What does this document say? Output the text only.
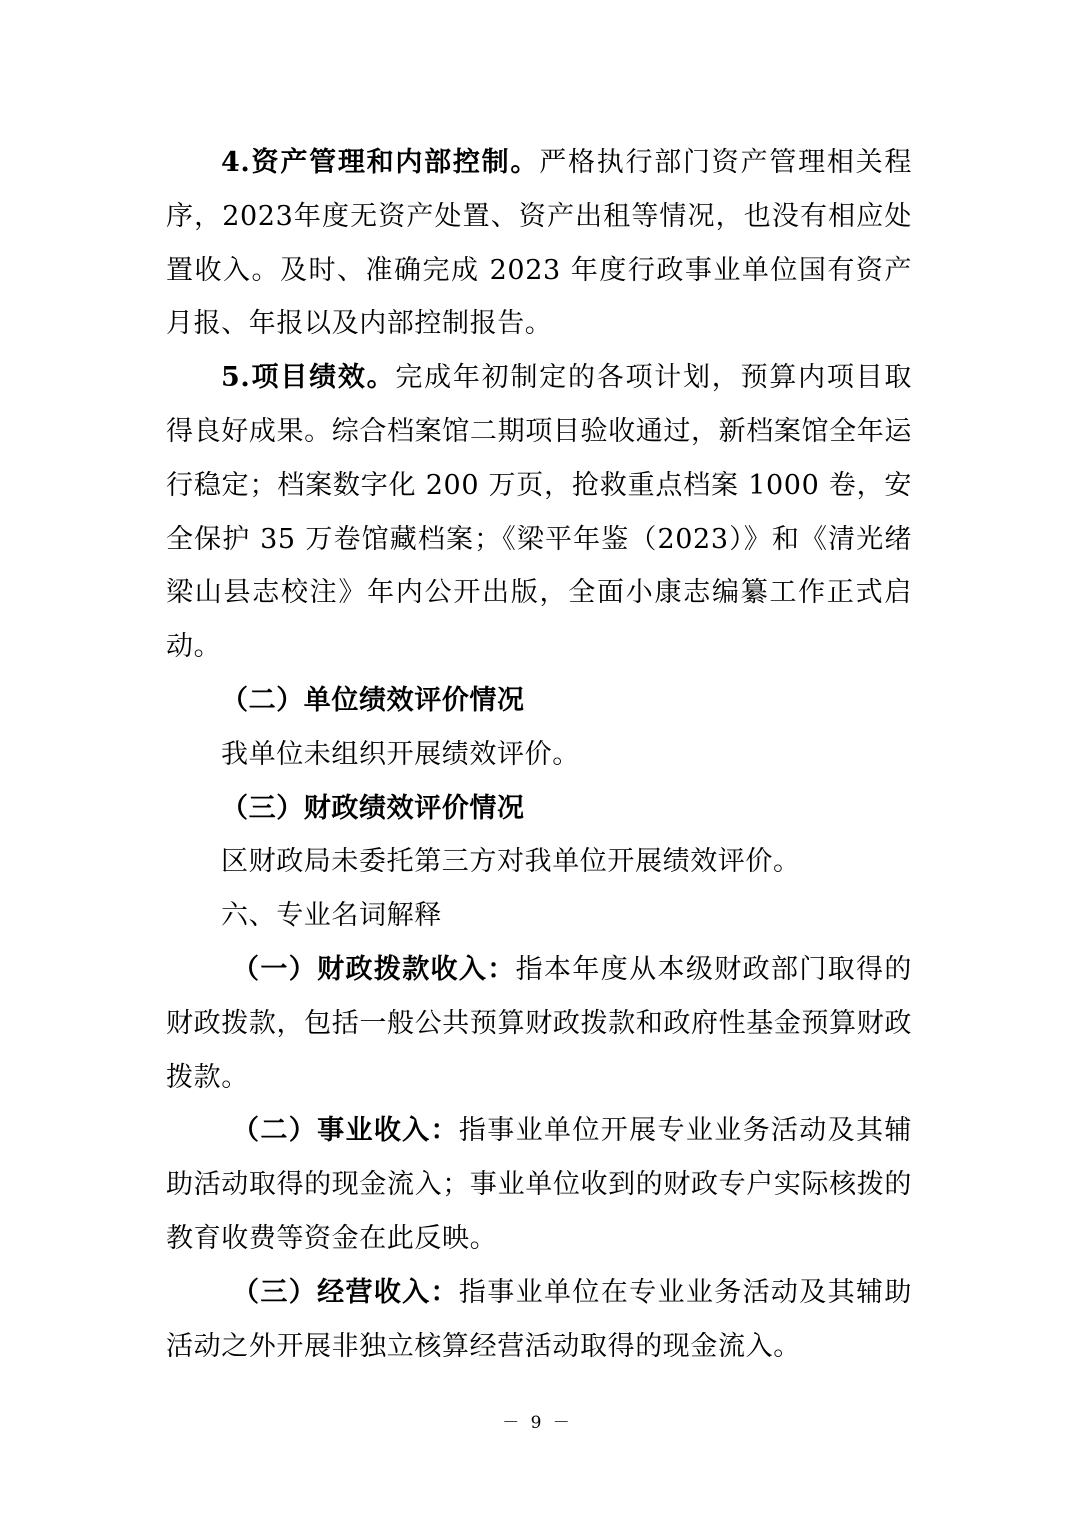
4.资产管理和内部控制。严格执行部门资产管理相关程序，2023年度无资产处置、资产出租等情况，也没有相应处置收入。及时、准确完成 2023 年度行政事业单位国有资产月报、年报以及内部控制报告。

5.项目绩效。完成年初制定的各项计划，预算内项目取得良好成果。综合档案馆二期项目验收通过，新档案馆全年运行稳定；档案数字化 200 万页，抢救重点档案 1000 卷，安全保护 35 万卷馆藏档案；《梁平年鉴（2023）》和《清光绪梁山县志校注》年内公开出版，全面小康志编纂工作正式启动。

（二）单位绩效评价情况

我单位未组织开展绩效评价。

（三）财政绩效评价情况

区财政局未委托第三方对我单位开展绩效评价。

六、专业名词解释

（一）财政拨款收入：指本年度从本级财政部门取得的财政拨款，包括一般公共预算财政拨款和政府性基金预算财政拨款。

（二）事业收入：指事业单位开展专业业务活动及其辅助活动取得的现金流入；事业单位收到的财政专户实际核拨的教育收费等资金在此反映。

（三）经营收入：指事业单位在专业业务活动及其辅助活动之外开展非独立核算经营活动取得的现金流入。

－ 9 －
